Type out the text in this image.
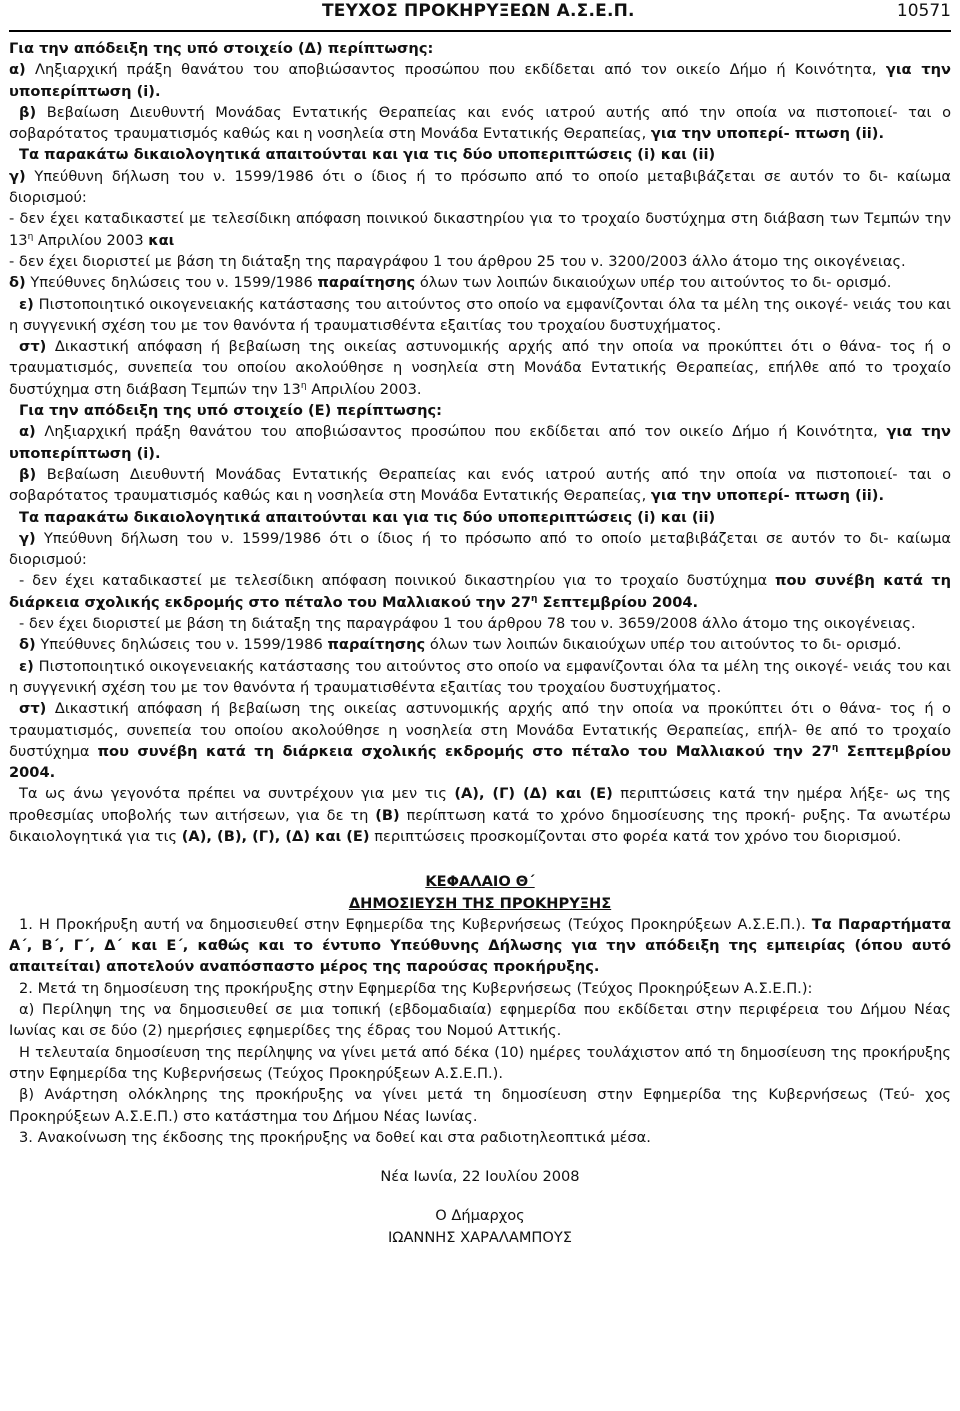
ΤΕΥΧΟΣ ΠΡΟΚΗΡΥΞΕΩΝ Α.Σ.Ε.Π.	10571

Για την απόδειξη της υπό στοιχείο (Δ) περίπτωσης:

α) Ληξιαρχική πράξη θανάτου του αποβιώσαντος προσώπου που εκδίδεται από τον οικείο Δήμο ή Κοινότητα, για την υποπερίπτωση (i).

β) Βεβαίωση Διευθυντή Μονάδας Εντατικής Θεραπείας και ενός ιατρού αυτής από την οποία να πιστοποιεί- ται ο σοβαρότατος τραυματισμός καθώς και η νοσηλεία στη Μονάδα Εντατικής Θεραπείας, για την υποπερί- πτωση (ii).

Τα παρακάτω δικαιολογητικά απαιτούνται και για τις δύο υποπεριπτώσεις (i) και (ii)

γ) Υπεύθυνη δήλωση του ν. 1599/1986 ότι ο ίδιος ή το πρόσωπο από το οποίο μεταβιβάζεται σε αυτόν το δι- καίωμα διορισμού:

- δεν έχει καταδικαστεί με τελεσίδικη απόφαση ποινικού δικαστηρίου για το τροχαίο δυστύχημα στη διάβαση των Τεμπών την $13^\eta$ Απριλίου 2003 και

- δεν έχει διοριστεί με βάση τη διάταξη της παραγράφου 1 του άρθρου 25 του ν. 3200/2003 άλλο άτομο της οικογένειας.

δ) Υπεύθυνες δηλώσεις του ν. 1599/1986 παραίτησης όλων των λοιπών δικαιούχων υπέρ του αιτούντος το δι- ορισμό.

ε) Πιστοποιητικό οικογενειακής κατάστασης του αιτούντος στο οποίο να εμφανίζονται όλα τα μέλη της οικογέ- νειάς του και η συγγενική σχέση του με τον θανόντα ή τραυματισθέντα εξαιτίας του τροχαίου δυστυχήματος.

στ) Δικαστική απόφαση ή βεβαίωση της οικείας αστυνομικής αρχής από την οποία να προκύπτει ότι ο θάνα- τος ή ο τραυματισμός, συνεπεία του οποίου ακολούθησε η νοσηλεία στη Μονάδα Εντατικής Θεραπείας, επήλθε από το τροχαίο δυστύχημα στη διάβαση Τεμπών την $13^\eta$ Απριλίου 2003.

Για την απόδειξη της υπό στοιχείο (Ε) περίπτωσης:

α) Ληξιαρχική πράξη θανάτου του αποβιώσαντος προσώπου που εκδίδεται από τον οικείο Δήμο ή Κοινότητα, για την υποπερίπτωση (i).

β) Βεβαίωση Διευθυντή Μονάδας Εντατικής Θεραπείας και ενός ιατρού αυτής από την οποία να πιστοποιεί- ται ο σοβαρότατος τραυματισμός καθώς και η νοσηλεία στη Μονάδα Εντατικής Θεραπείας, για την υποπερί- πτωση (ii).

Τα παρακάτω δικαιολογητικά απαιτούνται και για τις δύο υποπεριπτώσεις (i) και (ii)

γ) Υπεύθυνη δήλωση του ν. 1599/1986 ότι ο ίδιος ή το πρόσωπο από το οποίο μεταβιβάζεται σε αυτόν το δι- καίωμα διορισμού:

- δεν έχει καταδικαστεί με τελεσίδικη απόφαση ποινικού δικαστηρίου για το τροχαίο δυστύχημα που συνέβη κατά τη διάρκεια σχολικής εκδρομής στο πέταλο του Μαλλιακού την $27^\eta$ Σεπτεμβρίου 2004.

- δεν έχει διοριστεί με βάση τη διάταξη της παραγράφου 1 του άρθρου 78 του ν. 3659/2008 άλλο άτομο της οικογένειας.

δ) Υπεύθυνες δηλώσεις του ν. 1599/1986 παραίτησης όλων των λοιπών δικαιούχων υπέρ του αιτούντος το δι- ορισμό.

ε) Πιστοποιητικό οικογενειακής κατάστασης του αιτούντος στο οποίο να εμφανίζονται όλα τα μέλη της οικογέ- νειάς του και η συγγενική σχέση του με τον θανόντα ή τραυματισθέντα εξαιτίας του τροχαίου δυστυχήματος.

στ) Δικαστική απόφαση ή βεβαίωση της οικείας αστυνομικής αρχής από την οποία να προκύπτει ότι ο θάνα- τος ή ο τραυματισμός, συνεπεία του οποίου ακολούθησε η νοσηλεία στη Μονάδα Εντατικής Θεραπείας, επήλ- θε από το τροχαίο δυστύχημα που συνέβη κατά τη διάρκεια σχολικής εκδρομής στο πέταλο του Μαλλιακού την $27^\eta$ Σεπτεμβρίου 2004.

Τα ως άνω γεγονότα πρέπει να συντρέχουν για μεν τις (Α), (Γ) (Δ) και (Ε) περιπτώσεις κατά την ημέρα λήξε- ως της προθεσμίας υποβολής των αιτήσεων, για δε τη (Β) περίπτωση κατά το χρόνο δημοσίευσης της προκή- ρυξης. Τα ανωτέρω δικαιολογητικά για τις (Α), (Β), (Γ), (Δ) και (Ε) περιπτώσεις προσκομίζονται στο φορέα κατά τον χρόνο του διορισμού.

ΚΕΦΑΛΑΙΟ Θ΄

ΔΗΜΟΣΙΕΥΣΗ ΤΗΣ ΠΡΟΚΗΡΥΞΗΣ

1. Η Προκήρυξη αυτή να δημοσιευθεί στην Εφημερίδα της Κυβερνήσεως (Τεύχος Προκηρύξεων Α.Σ.Ε.Π.). Τα Παραρτήματα Α΄, Β΄, Γ΄, Δ΄ και Ε΄, καθώς και το έντυπο Υπεύθυνης Δήλωσης για την απόδειξη της εμπειρίας (όπου αυτό απαιτείται) αποτελούν αναπόσπαστο μέρος της παρούσας προκήρυξης.

2. Μετά τη δημοσίευση της προκήρυξης στην Εφημερίδα της Κυβερνήσεως (Τεύχος Προκηρύξεων Α.Σ.Ε.Π.):

α) Περίληψη της να δημοσιευθεί σε μια τοπική (εβδομαδιαία) εφημερίδα που εκδίδεται στην περιφέρεια του Δήμου Νέας Ιωνίας και σε δύο (2) ημερήσιες εφημερίδες της έδρας του Νομού Αττικής.

Η τελευταία δημοσίευση της περίληψης να γίνει μετά από δέκα (10) ημέρες τουλάχιστον από τη δημοσίευση της προκήρυξης στην Εφημερίδα της Κυβερνήσεως (Τεύχος Προκηρύξεων Α.Σ.Ε.Π.).

β) Ανάρτηση ολόκληρης της προκήρυξης να γίνει μετά τη δημοσίευση στην Εφημερίδα της Κυβερνήσεως (Τεύ- χος Προκηρύξεων Α.Σ.Ε.Π.) στο κατάστημα του Δήμου Νέας Ιωνίας.

3. Ανακοίνωση της έκδοσης της προκήρυξης να δοθεί και στα ραδιοτηλεοπτικά μέσα.

Νέα Ιωνία, 22 Ιουλίου 2008

Ο Δήμαρχος

ΙΩΑΝΝΗΣ ΧΑΡΑΛΑΜΠΟΥΣ
